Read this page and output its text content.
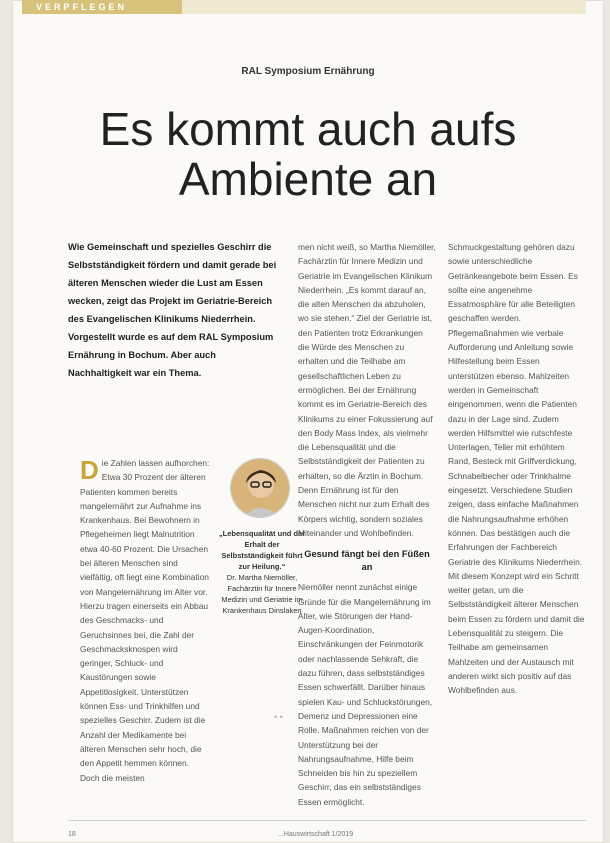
VERPFLEGEN
RAL Symposium Ernährung
Es kommt auch aufs Ambiente an

Wie Gemeinschaft und spezielles Geschirr die Selbstständigkeit fördern und damit gerade bei älteren Menschen wieder die Lust am Essen wecken, zeigt das Projekt im Geriatrie-Bereich des Evangelischen Klinikums Niederrhein. Vorgestellt wurde es auf dem RAL Symposium Ernährung in Bochum. Aber auch Nachhaltigkeit war ein Thema.

D ie Zahlen lassen aufhorchen: Etwa 30 Prozent der älteren Patienten kommen bereits mangelernährt zur Aufnahme ins Krankenhaus. Bei Bewohnern in Pflegeheimen liegt Malnutrition etwa 40-60 Prozent. Die Ursachen bei älteren Menschen sind vielfältig, oft liegt eine Kombination von Mangelernährung im Alter vor. Hierzu tragen einerseits ein Abbau des Geschmacks- und Geruchsinnes bei, die Zahl der Geschmacksknospen wird geringer, Schluck- und Kaustörungen sowie Appetitlosigkeit. Unterstützen können Ess- und Trinkhilfen und spezielles Geschirr. Zudem ist die Anzahl der Medikamente bei älteren Menschen sehr hoch, die den Appetit hemmen können. Doch die meisten
„Lebensqualität und der Erhalt der Selbstständigkeit führt zur Heilung.“
Dr. Martha Niemöller, Fachärztin für Innere Medizin und Geriatrie im Krankenhaus Dinslaken
• •

men nicht weiß, so Martha Niemöller, Fachärztin für Innere Medizin und Geriatrie im Evangelischen Klinikum Niederrhein. „Es kommt darauf an, die alten Menschen da abzuholen, wo sie stehen.“ Ziel der Geriatrie ist, den Patienten trotz Erkrankungen die Würde des Menschen zu erhalten und die Teilhabe am gesellschaftlichen Leben zu ermöglichen. Bei der Ernährung kommt es im Geriatrie-Bereich des Klinikums zu einer Fokussierung auf den Body Mass Index, als vielmehr die Lebensqualität und die Selbstständigkeit der Patienten zu erhalten, so die Ärztin in Bochum. Denn Ernährung ist für den Menschen nicht nur zum Erhalt des Körpers wichtig, sondern soziales Miteinander und Wohlbefinden.

Gesund fängt bei den Füßen an

Niemöller nennt zunächst einige Gründe für die Mangelernährung im Alter, wie Störungen der Hand-Augen-Koordination, Einschränkungen der Feinmotorik oder nachlassende Sehkraft, die dazu führen, dass selbstständiges Essen schwerfällt. Darüber hinaus spielen Kau- und Schluckstörungen, Demenz und Depressionen eine Rolle. Maßnahmen reichen von der Unterstützung bei der Nahrungsaufnahme, Hilfe beim Schneiden bis hin zu speziellem Geschirr, das ein selbstständiges Essen ermöglicht.

Schmuckgestaltung gehören dazu sowie unterschiedliche Getränkeangebote beim Essen. Es sollte eine angenehme Essatmosphäre für alle Beteiligten geschaffen werden. Pflegemaßnahmen wie verbale Aufforderung und Anleitung sowie Hilfestellung beim Essen unterstützen ebenso. Mahlzeiten werden in Gemeinschaft eingenommen, wenn die Patienten dazu in der Lage sind. Zudem werden Hilfsmittel wie rutschfeste Unterlagen, Teller mit erhöhtem Rand, Besteck mit Griffverdickung, Schnabelbecher oder Trinkhalme eingesetzt. Verschiedene Studien zeigen, dass einfache Maßnahmen die Nahrungsaufnahme erhöhen können. Das bestätigen auch die Erfahrungen der Fachbereich Geriatrie des Klinikums Niederrhein. Mit diesem Konzept wird ein Schritt weiter getan, um die Selbstständigkeit älterer Menschen beim Essen zu fördern und damit die Lebensqualität zu steigern. Die Teilhabe am gemeinsamen Mahlzeiten und der Austausch mit anderen wirkt sich positiv auf das Wohlbefinden aus.

18	...Hauswirtschaft 1/2019
